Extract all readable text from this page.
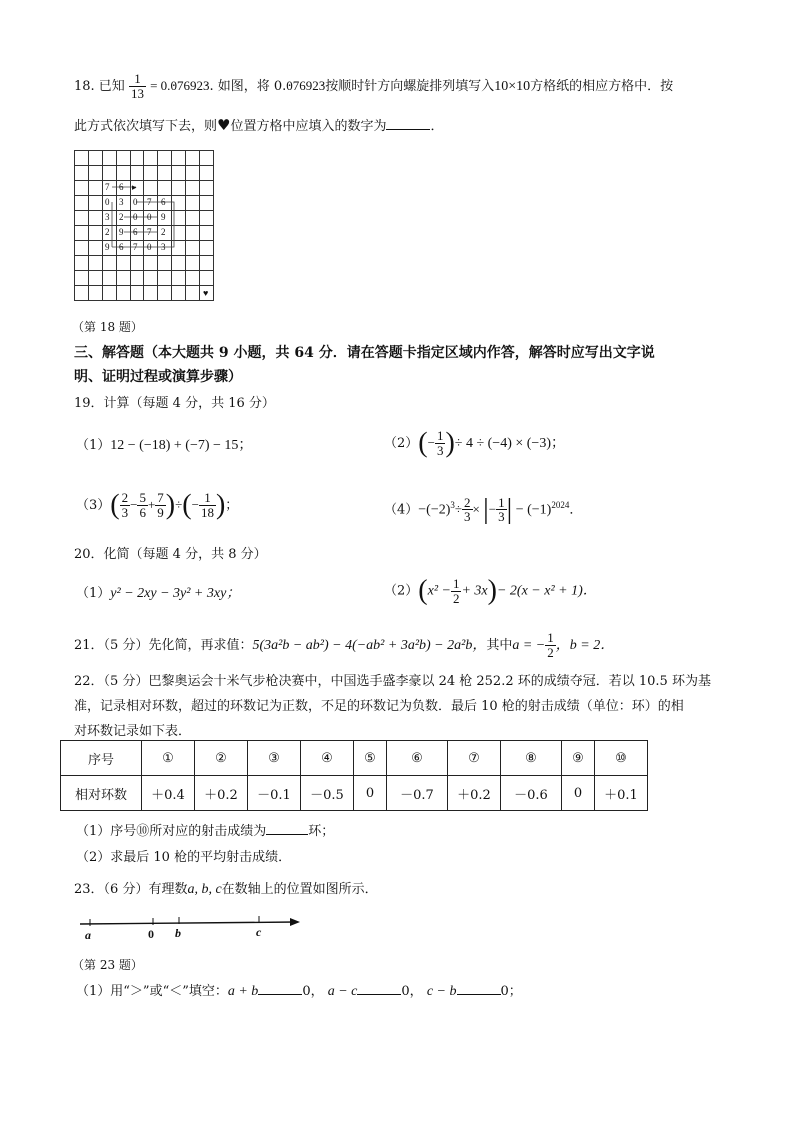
18. 已知 $\frac{1}{13} = 0.0 \cdot 76923$ ·. 如图，将 0.0 ·76923 ·按顺时针方向螺旋排列填写入10×10方格纸的相应方格中．按
此方式依次填写下去，则♥位置方格中应填入的数字为	．
7 6 ▸
0 3 0 7 6
3 2 0 0 9
2 9 6 7 2
9 6 7 0 3
♥
（第 18 题）
三、解答题（本大题共 9 小题，共 64 分．请在答题卡指定区域内作答，解答时应写出文字说
明、证明过程或演算步骤）
19．计算（每题 4 分，共 16 分）
（1）12 − (−18) + (−7) − 15；	$(2)(- \frac{1}{3}$ )÷ 4 ÷ (−4) × (−3)；
$(3)( \frac{2}{3} - \frac{5}{6} + \frac{7}{9}$ )÷(− $\frac{1}{18}$ )；	$(4)-(-2)^3\div \frac{2}{3}$ × |− $\frac{1}{3}$ | − $(-1)^{2024}$．
20．化简（每题 4 分，共 8 分）
（1）y² − 2xy − 3y² + 3xy；	$(2)(x^2 - \frac{1}{2} + 3x)- 2(x - x^2 + 1)$．
21．（5 分）先化简，再求值：5(3a²b − ab²) − 4(−ab² + 3a²b) − 2a²b，其中a = − $\frac{1}{2}$ ，b = 2．
22．（5 分）巴黎奥运会十米气步枪决赛中，中国选手盛李豪以 24 枪 252.2 环的成绩夺冠．若以 10.5 环为基
准，记录相对环数，超过的环数记为正数，不足的环数记为负数．最后 10 枪的射击成绩（单位：环）的相
对环数记录如下表．
序号	①	②	③	④	⑤	⑥	⑦	⑧	⑨	⑩
相对环数	＋0.4	＋0.2	－0.1	－0.5	0	－0.7	＋0.2	－0.6	0	＋0.1
（1）序号⑩所对应的射击成绩为	环；
（2）求最后 10 枪的平均射击成绩．
23．（6 分）有理数a, b, c在数轴上的位置如图所示．
a	0 b	c
（第 23 题）
（1）用“＞”或“＜”填空：a + b	0， a − c	0， c − b	0；
